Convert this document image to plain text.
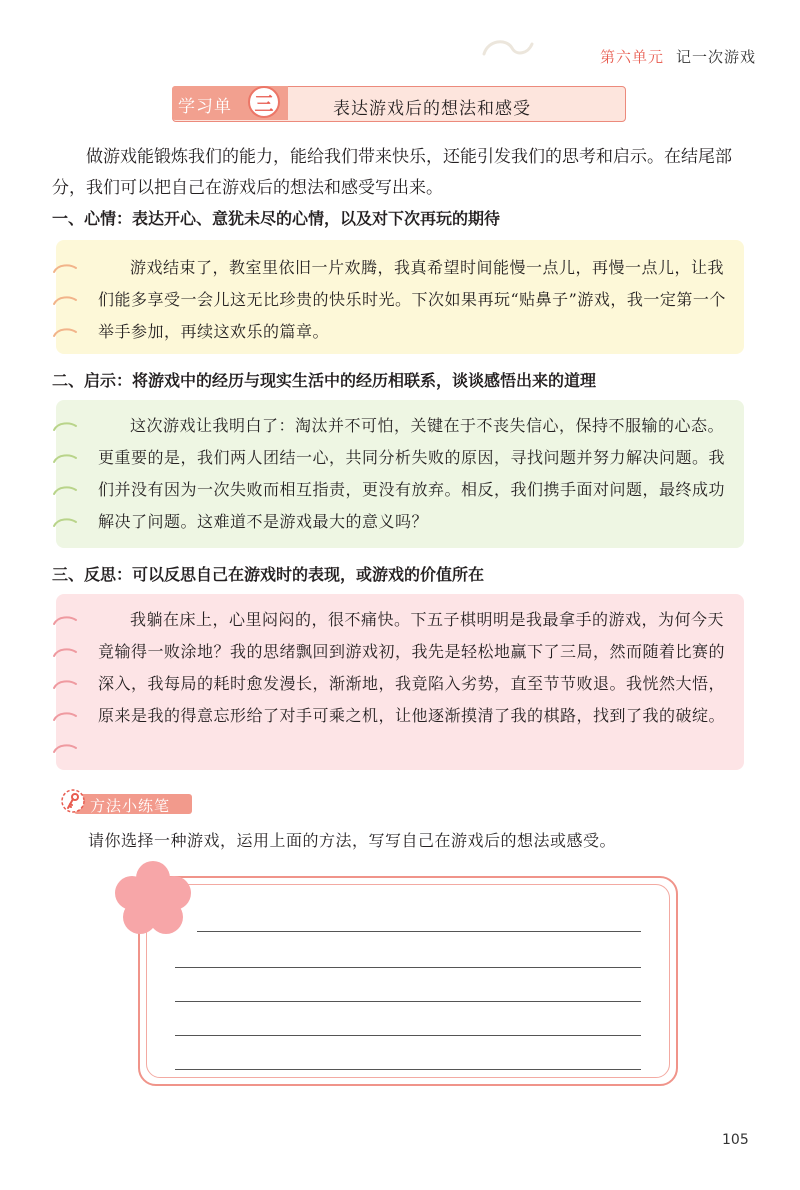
第六单元 记一次游戏
学习单	三	表达游戏后的想法和感受

做游戏能锻炼我们的能力，能给我们带来快乐，还能引发我们的思考和启示。在结尾部分，我们可以把自己在游戏后的想法和感受写出来。

一、心情：表达开心、意犹未尽的心情，以及对下次再玩的期待

游戏结束了，教室里依旧一片欢腾，我真希望时间能慢一点儿，再慢一点儿，让我们能多享受一会儿这无比珍贵的快乐时光。下次如果再玩“贴鼻子”游戏，我一定第一个举手参加，再续这欢乐的篇章。

二、启示：将游戏中的经历与现实生活中的经历相联系，谈谈感悟出来的道理

这次游戏让我明白了：淘汰并不可怕，关键在于不丧失信心，保持不服输的心态。更重要的是，我们两人团结一心，共同分析失败的原因，寻找问题并努力解决问题。我们并没有因为一次失败而相互指责，更没有放弃。相反，我们携手面对问题，最终成功解决了问题。这难道不是游戏最大的意义吗？

三、反思：可以反思自己在游戏时的表现，或游戏的价值所在

我躺在床上，心里闷闷的，很不痛快。下五子棋明明是我最拿手的游戏，为何今天竟输得一败涂地？我的思绪飘回到游戏初，我先是轻松地赢下了三局，然而随着比赛的深入，我每局的耗时愈发漫长，渐渐地，我竟陷入劣势，直至节节败退。我恍然大悟，原来是我的得意忘形给了对手可乘之机，让他逐渐摸清了我的棋路，找到了我的破绽。

方法小练笔

请你选择一种游戏，运用上面的方法，写写自己在游戏后的想法或感受。

105
